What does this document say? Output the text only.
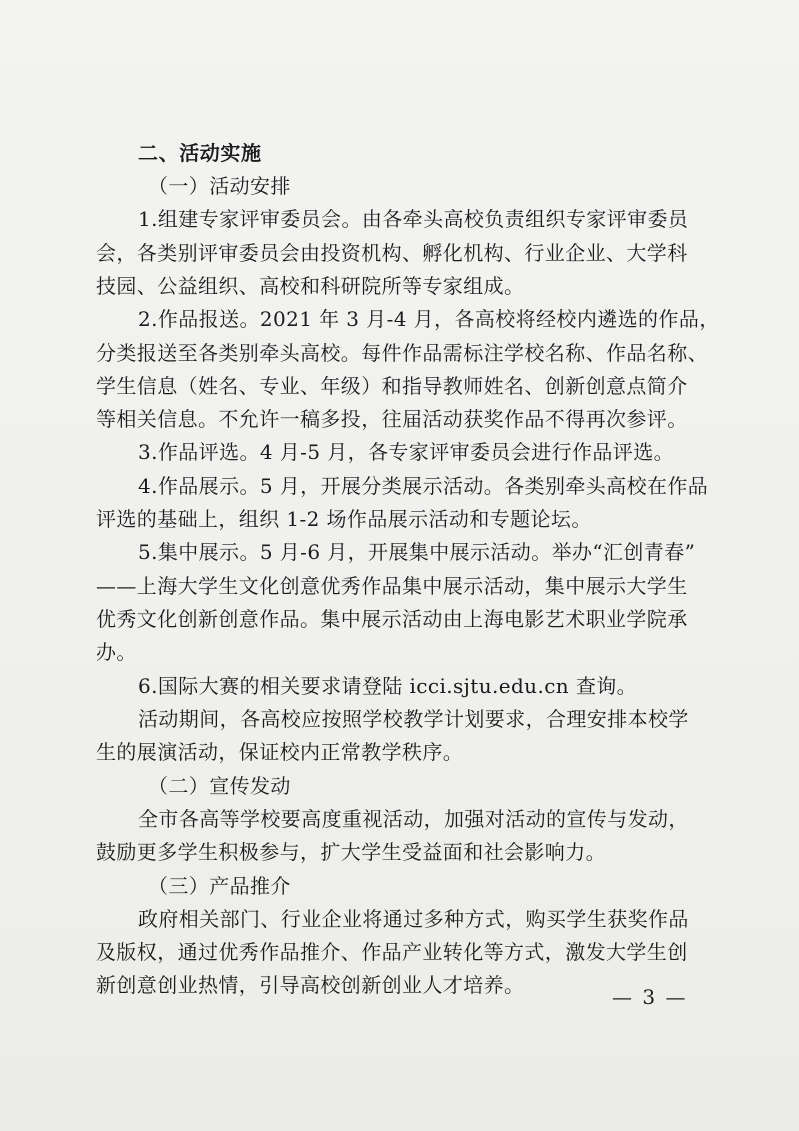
二、活动实施
（一）活动安排
1.组建专家评审委员会。由各牵头高校负责组织专家评审委员
会，各类别评审委员会由投资机构、孵化机构、行业企业、大学科
技园、公益组织、高校和科研院所等专家组成。
2.作品报送。2021 年 3 月-4 月，各高校将经校内遴选的作品，
分类报送至各类别牵头高校。每件作品需标注学校名称、作品名称、
学生信息（姓名、专业、年级）和指导教师姓名、创新创意点简介
等相关信息。不允许一稿多投，往届活动获奖作品不得再次参评。
3.作品评选。4 月-5 月，各专家评审委员会进行作品评选。
4.作品展示。5 月，开展分类展示活动。各类别牵头高校在作品
评选的基础上，组织 1-2 场作品展示活动和专题论坛。
5.集中展示。5 月-6 月，开展集中展示活动。举办“汇创青春”
——上海大学生文化创意优秀作品集中展示活动，集中展示大学生
优秀文化创新创意作品。集中展示活动由上海电影艺术职业学院承
办。
6.国际大赛的相关要求请登陆 icci.sjtu.edu.cn 查询。
活动期间，各高校应按照学校教学计划要求，合理安排本校学
生的展演活动，保证校内正常教学秩序。
（二）宣传发动
全市各高等学校要高度重视活动，加强对活动的宣传与发动，
鼓励更多学生积极参与，扩大学生受益面和社会影响力。
（三）产品推介
政府相关部门、行业企业将通过多种方式，购买学生获奖作品
及版权，通过优秀作品推介、作品产业转化等方式，激发大学生创
新创意创业热情，引导高校创新创业人才培养。	— 3 —
